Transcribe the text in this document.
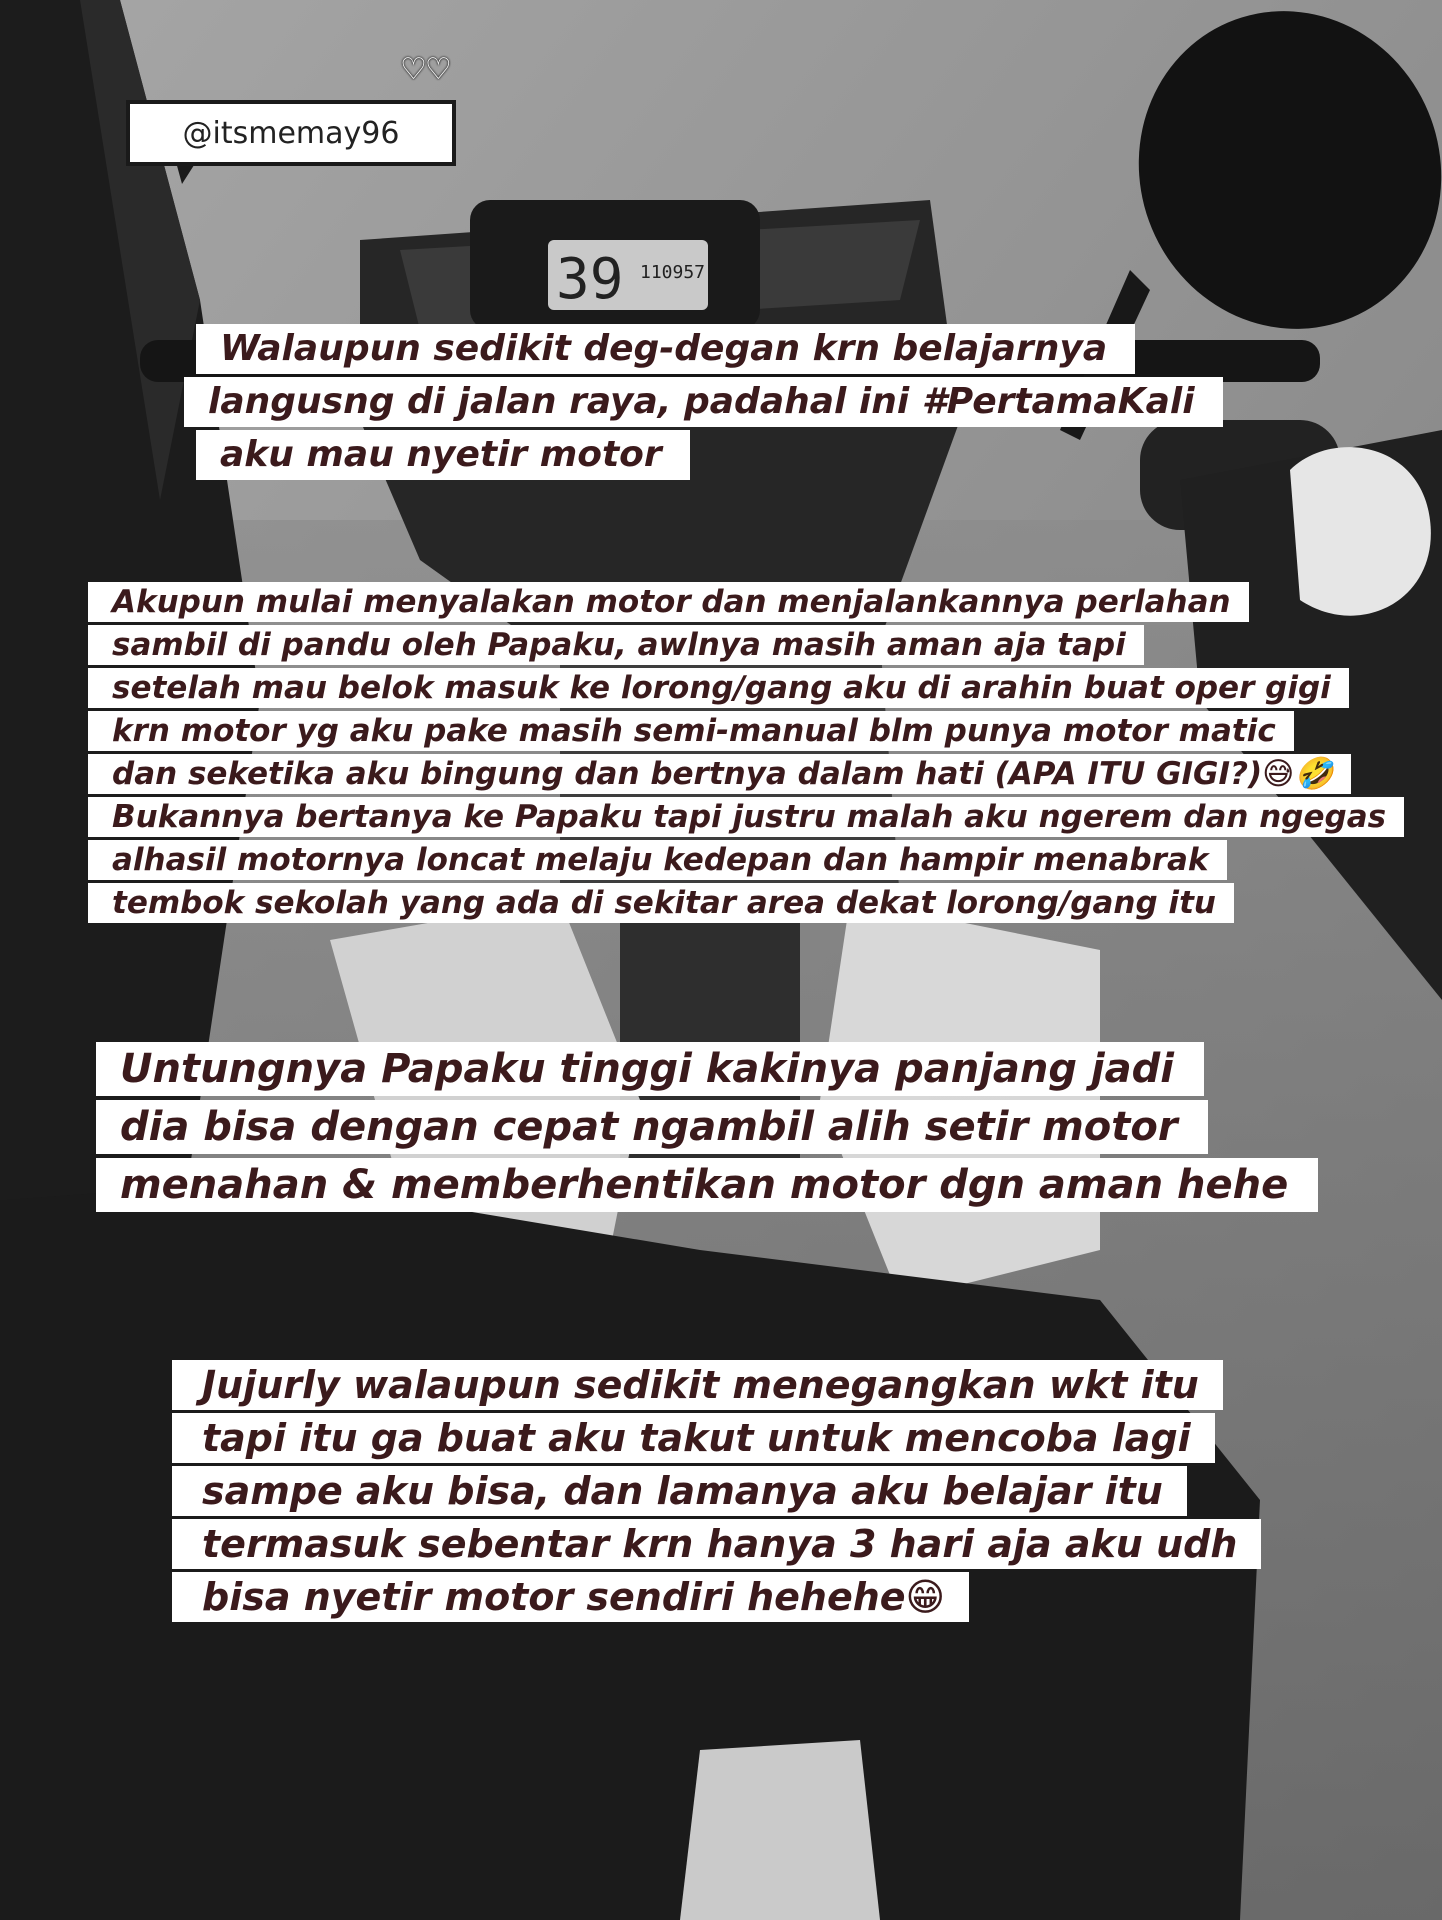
39 110957
♡♡
@itsmemay96
Walaupun sedikit deg-degan krn belajarnya
langusng di jalan raya, padahal ini #PertamaKali
aku mau nyetir motor
Akupun mulai menyalakan motor dan menjalankannya perlahan
sambil di pandu oleh Papaku, awlnya masih aman aja tapi
setelah mau belok masuk ke lorong/gang aku di arahin buat oper gigi
krn motor yg aku pake masih semi-manual blm punya motor matic
dan seketika aku bingung dan bertnya dalam hati (APA ITU GIGI?)😅🤣
Bukannya bertanya ke Papaku tapi justru malah aku ngerem dan ngegas
alhasil motornya loncat melaju kedepan dan hampir menabrak
tembok sekolah yang ada di sekitar area dekat lorong/gang itu
Untungnya Papaku tinggi kakinya panjang jadi
dia bisa dengan cepat ngambil alih setir motor
menahan & memberhentikan motor dgn aman hehe
Jujurly walaupun sedikit menegangkan wkt itu
tapi itu ga buat aku takut untuk mencoba lagi
sampe aku bisa, dan lamanya aku belajar itu
termasuk sebentar krn hanya 3 hari aja aku udh
bisa nyetir motor sendiri hehehe😁
